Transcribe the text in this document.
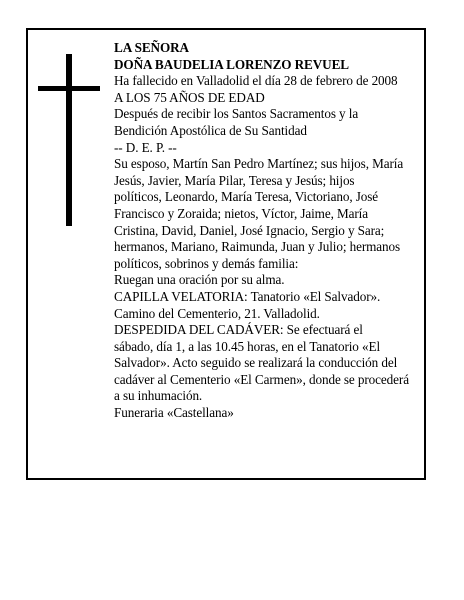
LA SEÑORA
DOÑA BAUDELIA LORENZO REVUEL
Ha fallecido en Valladolid el día 28 de febrero de 2008
A LOS 75 AÑOS DE EDAD
Después de recibir los Santos Sacramentos y la
Bendición Apostólica de Su Santidad
-- D. E. P. --
Su esposo, Martín San Pedro Martínez; sus hijos, María
Jesús, Javier, María Pilar, Teresa y Jesús; hijos
políticos, Leonardo, María Teresa, Victoriano, José
Francisco y Zoraida; nietos, Víctor, Jaime, María
Cristina, David, Daniel, José Ignacio, Sergio y Sara;
hermanos, Mariano, Raimunda, Juan y Julio; hermanos
políticos, sobrinos y demás familia:
Ruegan una oración por su alma.
CAPILLA VELATORIA: Tanatorio «El Salvador».
Camino del Cementerio, 21. Valladolid.
DESPEDIDA DEL CADÁVER: Se efectuará el
sábado, día 1, a las 10.45 horas, en el Tanatorio «El
Salvador». Acto seguido se realizará la conducción del
cadáver al Cementerio «El Carmen», donde se procederá
a su inhumación.
Funeraria «Castellana»
